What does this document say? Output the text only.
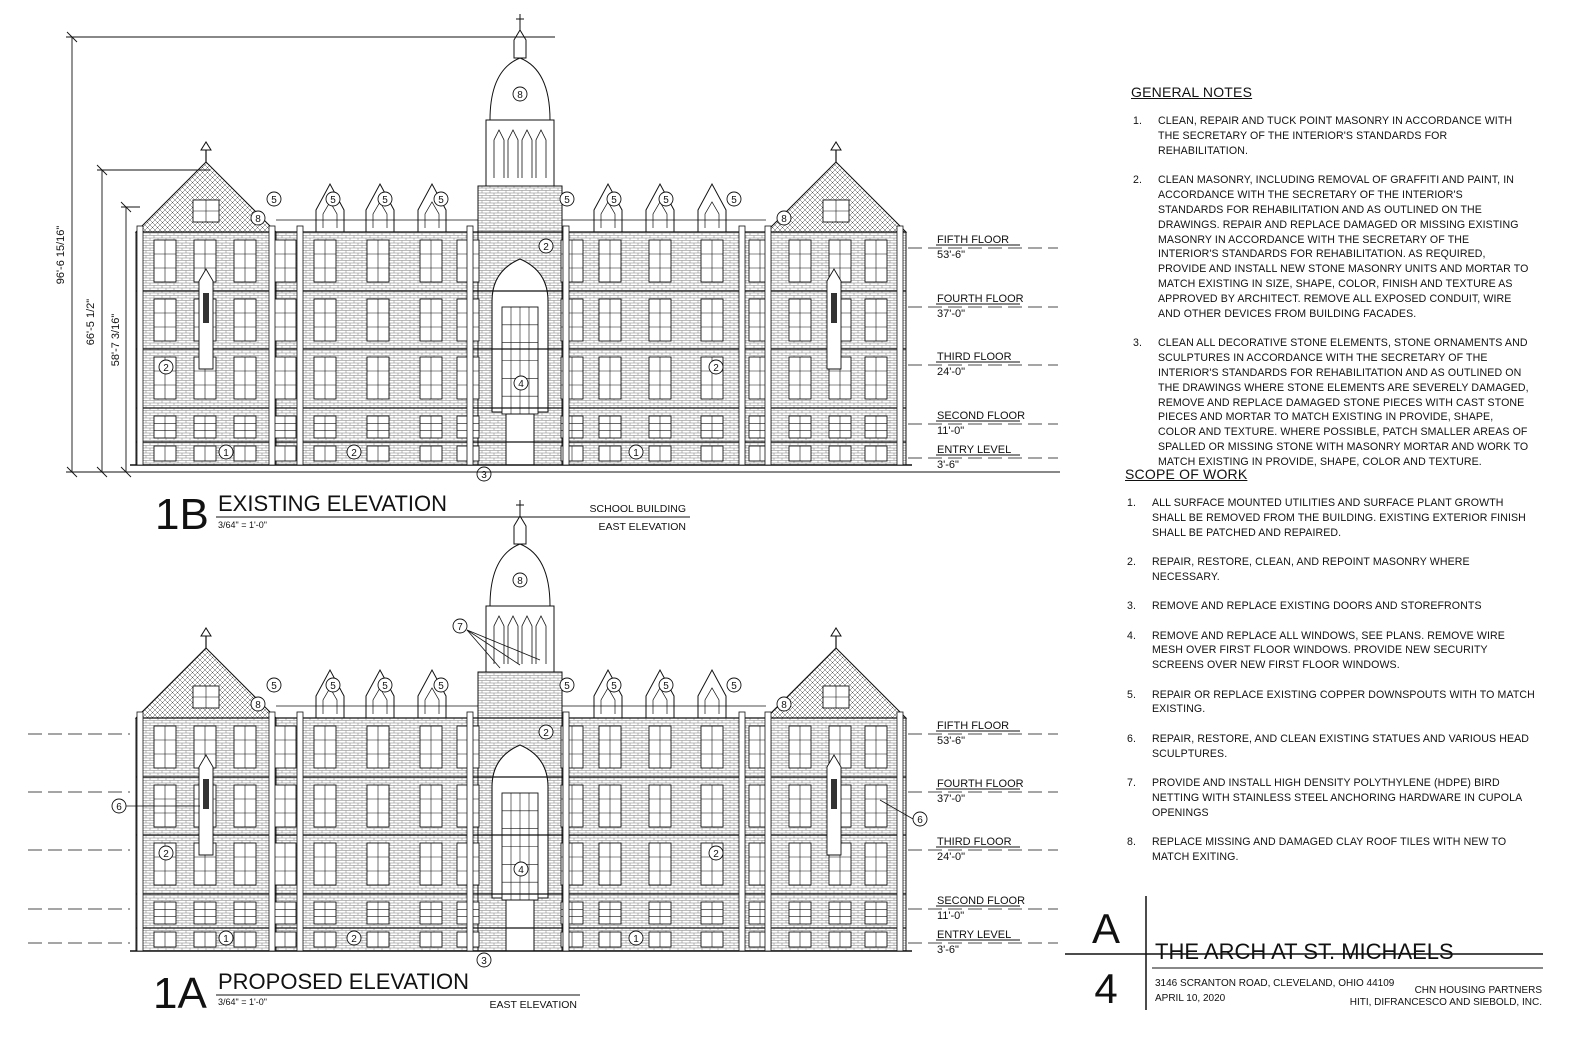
5	5	5	5	5	5	5	5
8	8
8
2
2	2
2	1
1
4
3
5	5	5	5	5	5	5	5
8	8
8
2
2	2
2	1
1
4
3
6
6
7
FIFTH FLOOR
53'-6"
FOURTH FLOOR
37'-0"
THIRD FLOOR
24'-0"
SECOND FLOOR
11'-0"
ENTRY LEVEL
3'-6"
FIFTH FLOOR
53'-6"
FOURTH FLOOR
37'-0"
THIRD FLOOR
24'-0"
SECOND FLOOR
11'-0"
ENTRY LEVEL
3'-6"
96'-6 15/16"
66'-5 1/2" 58'-7 3/16"
1B EXISTING ELEVATION
3/64" = 1'-0"
SCHOOL BUILDING
EAST ELEVATION
1A PROPOSED ELEVATION
3/64" = 1'-0"	EAST ELEVATION
A
4
THE ARCH AT ST. MICHAELS
3146 SCRANTON ROAD, CLEVELAND, OHIO 44109
APRIL 10, 2020
CHN HOUSING PARTNERS
HITI, DIFRANCESCO AND SIEBOLD, INC.
GENERAL NOTES
1. CLEAN, REPAIR AND TUCK POINT MASONRY IN ACCORDANCE WITH THE SECRETARY OF THE INTERIOR'S STANDARDS FOR REHABILITATION.
2. CLEAN MASONRY, INCLUDING REMOVAL OF GRAFFITI AND PAINT, IN ACCORDANCE WITH THE SECRETARY OF THE INTERIOR'S STANDARDS FOR REHABILITATION AND AS OUTLINED ON THE DRAWINGS. REPAIR AND REPLACE DAMAGED OR MISSING EXISTING MASONRY IN ACCORDANCE WITH THE SECRETARY OF THE INTERIOR'S STANDARDS FOR REHABILITATION. AS REQUIRED, PROVIDE AND INSTALL NEW STONE MASONRY UNITS AND MORTAR TO MATCH EXISTING IN SIZE, SHAPE, COLOR, FINISH AND TEXTURE AS APPROVED BY ARCHITECT. REMOVE ALL EXPOSED CONDUIT, WIRE AND OTHER DEVICES FROM BUILDING FACADES.
3. CLEAN ALL DECORATIVE STONE ELEMENTS, STONE ORNAMENTS AND SCULPTURES IN ACCORDANCE WITH THE SECRETARY OF THE INTERIOR'S STANDARDS FOR REHABILITATION AND AS OUTLINED ON THE DRAWINGS WHERE STONE ELEMENTS ARE SEVERELY DAMAGED, REMOVE AND REPLACE DAMAGED STONE PIECES WITH CAST STONE PIECES AND MORTAR TO MATCH EXISTING IN PROVIDE, SHAPE, COLOR AND TEXTURE. WHERE POSSIBLE, PATCH SMALLER AREAS OF SPALLED OR MISSING STONE WITH MASONRY MORTAR AND WORK TO MATCH EXISTING IN PROVIDE, SHAPE, COLOR AND TEXTURE.
SCOPE OF WORK
1. ALL SURFACE MOUNTED UTILITIES AND SURFACE PLANT GROWTH SHALL BE REMOVED FROM THE BUILDING. EXISTING EXTERIOR FINISH SHALL BE PATCHED AND REPAIRED.
2. REPAIR, RESTORE, CLEAN, AND REPOINT MASONRY WHERE NECESSARY.
3. REMOVE AND REPLACE EXISTING DOORS AND STOREFRONTS
4. REMOVE AND REPLACE ALL WINDOWS, SEE PLANS. REMOVE WIRE MESH OVER FIRST FLOOR WINDOWS. PROVIDE NEW SECURITY SCREENS OVER NEW FIRST FLOOR WINDOWS.
5. REPAIR OR REPLACE EXISTING COPPER DOWNSPOUTS WITH TO MATCH EXISTING.
6. REPAIR, RESTORE, AND CLEAN EXISTING STATUES AND VARIOUS HEAD SCULPTURES.
7. PROVIDE AND INSTALL HIGH DENSITY POLYTHYLENE (HDPE) BIRD NETTING WITH STAINLESS STEEL ANCHORING HARDWARE IN CUPOLA OPENINGS
8. REPLACE MISSING AND DAMAGED CLAY ROOF TILES WITH NEW TO MATCH EXITING.
